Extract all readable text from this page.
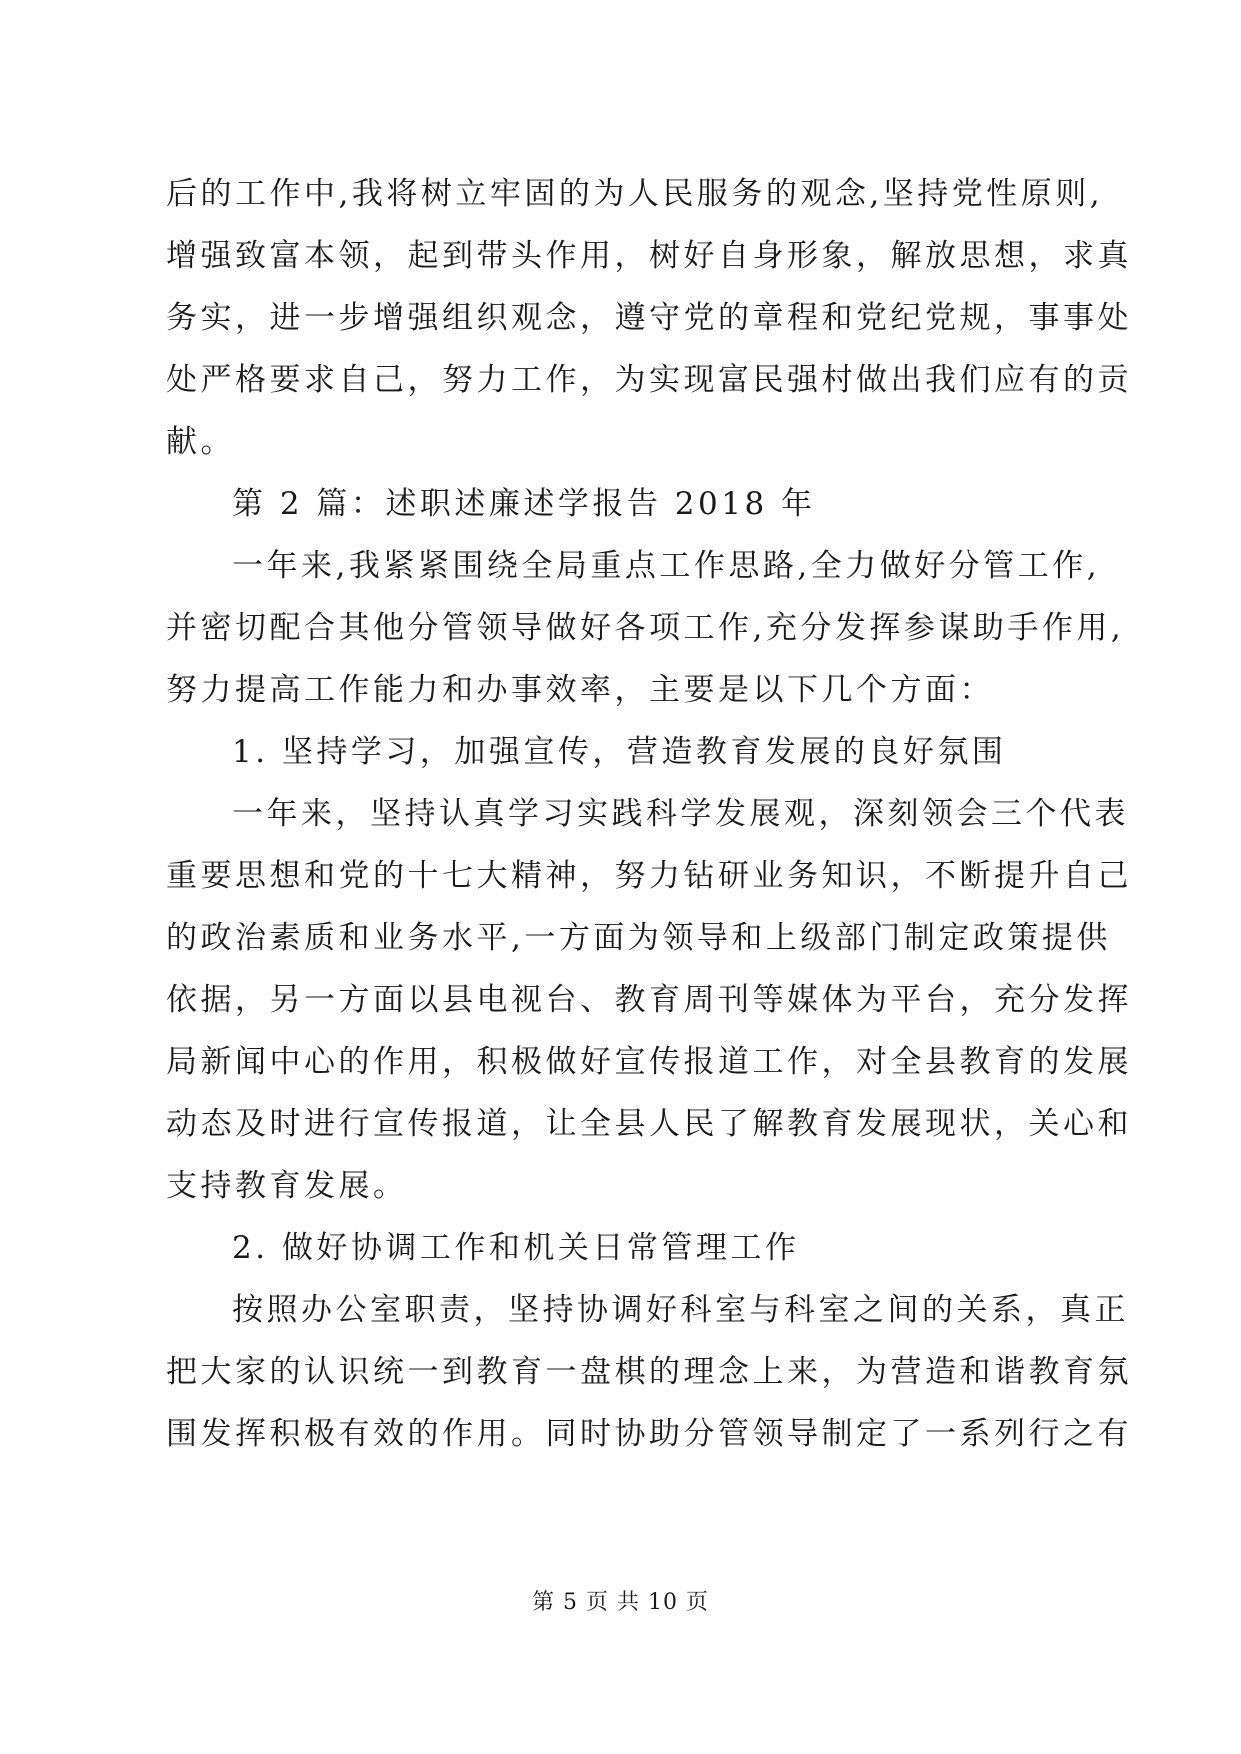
后的工作中,我将树立牢固的为人民服务的观念,坚持党性原则,
增强致富本领，起到带头作用，树好自身形象，解放思想，求真
务实，进一步增强组织观念，遵守党的章程和党纪党规，事事处
处严格要求自己，努力工作，为实现富民强村做出我们应有的贡
献。
第 2 篇：述职述廉述学报告 2018 年
一年来,我紧紧围绕全局重点工作思路,全力做好分管工作,
并密切配合其他分管领导做好各项工作,充分发挥参谋助手作用,
努力提高工作能力和办事效率，主要是以下几个方面：
1. 坚持学习，加强宣传，营造教育发展的良好氛围
一年来，坚持认真学习实践科学发展观，深刻领会三个代表
重要思想和党的十七大精神，努力钻研业务知识，不断提升自己
的政治素质和业务水平,一方面为领导和上级部门制定政策提供
依据，另一方面以县电视台、教育周刊等媒体为平台，充分发挥
局新闻中心的作用，积极做好宣传报道工作，对全县教育的发展
动态及时进行宣传报道，让全县人民了解教育发展现状，关心和
支持教育发展。
2. 做好协调工作和机关日常管理工作
按照办公室职责，坚持协调好科室与科室之间的关系，真正
把大家的认识统一到教育一盘棋的理念上来，为营造和谐教育氛
围发挥积极有效的作用。同时协助分管领导制定了一系列行之有
第 5 页 共 10 页
